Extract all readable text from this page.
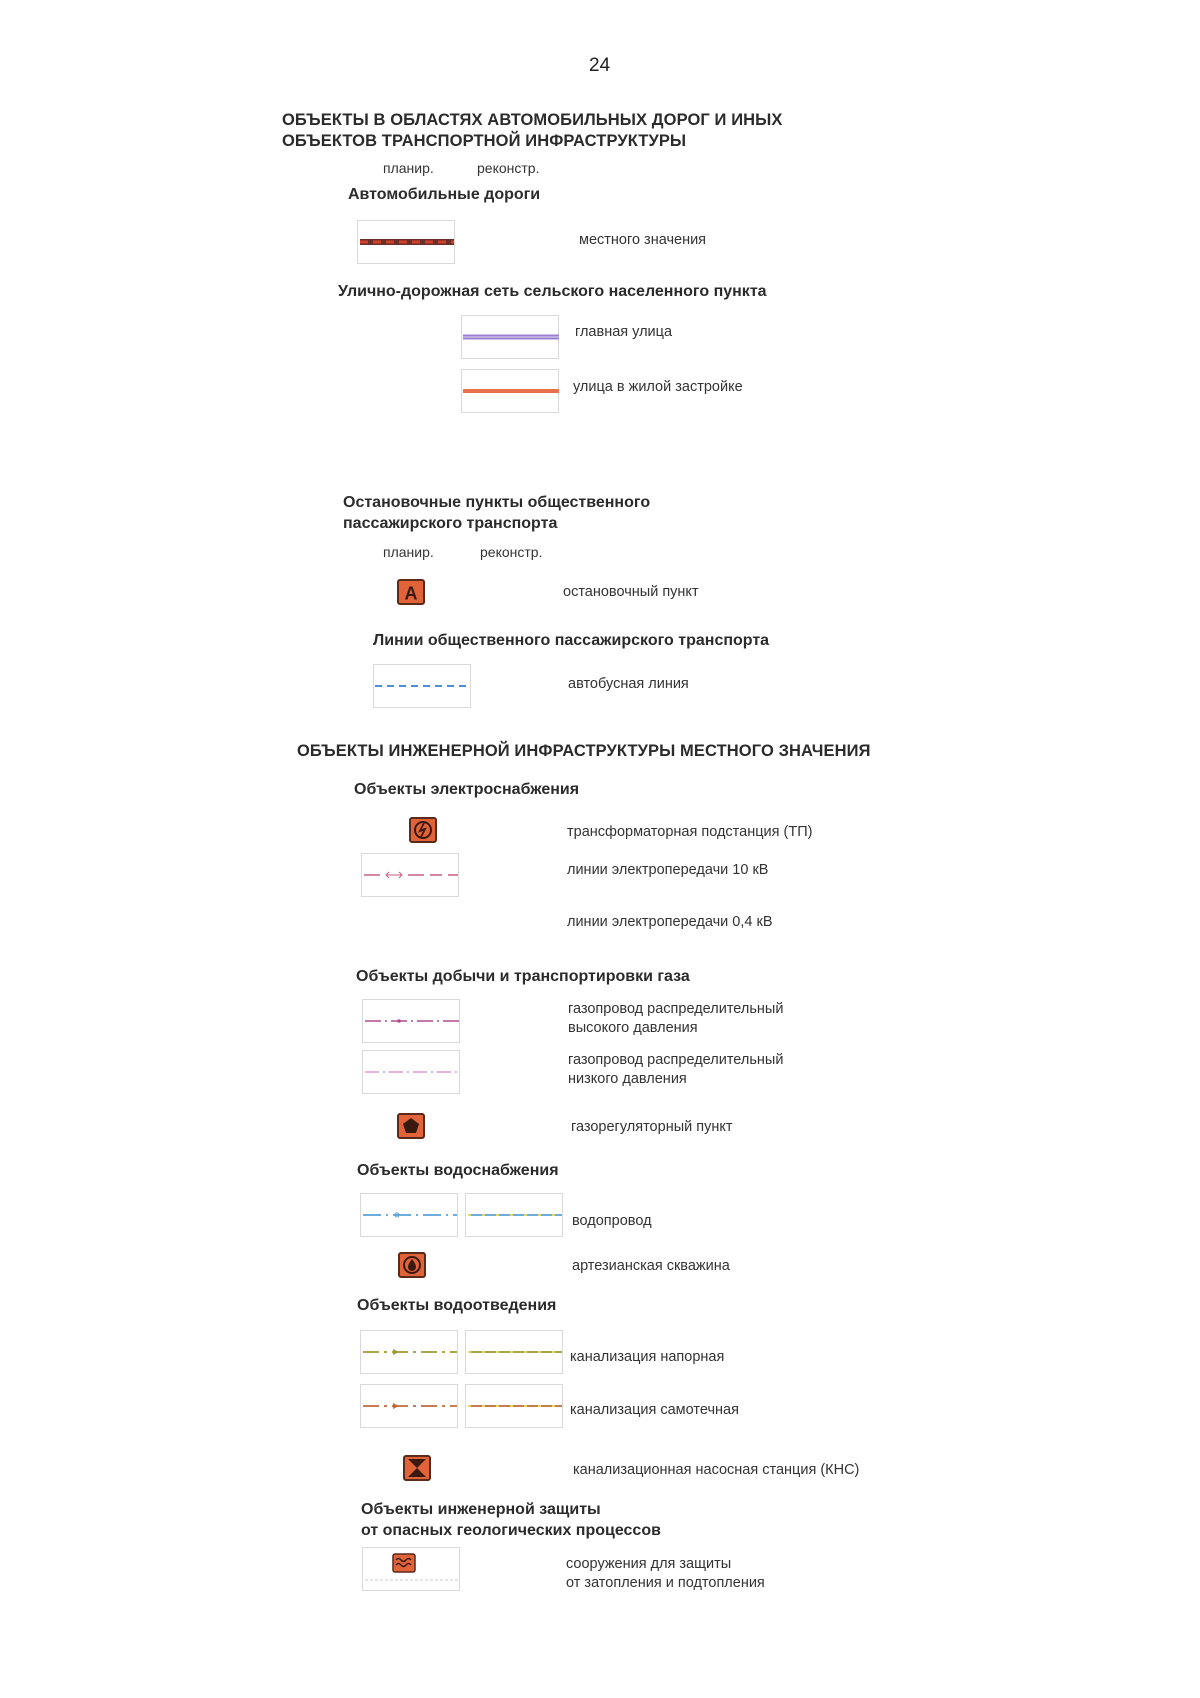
24
ОБЪЕКТЫ В ОБЛАСТЯХ АВТОМОБИЛЬНЫХ ДОРОГ И ИНЫХ
ОБЪЕКТОВ ТРАНСПОРТНОЙ ИНФРАСТРУКТУРЫ
планир.	реконстр.
Автомобильные дороги
местного значения
Улично-дорожная сеть сельского населенного пункта
главная улица
улица в жилой застройке
Остановочные пункты общественного
пассажирского транспорта
планир.	реконстр.
A	остановочный пункт
Линии общественного пассажирского транспорта
автобусная линия
ОБЪЕКТЫ ИНЖЕНЕРНОЙ ИНФРАСТРУКТУРЫ МЕСТНОГО ЗНАЧЕНИЯ
Объекты электроснабжения
трансформаторная подстанция (ТП)
линии электропередачи 10 кВ
линии электропередачи 0,4 кВ
Объекты добычи и транспортировки газа
газопровод распределительный
высокого давления
газопровод распределительный
низкого давления
газорегуляторный пункт
Объекты водоснабжения
водопровод
артезианская скважина
Объекты водоотведения
канализация напорная
канализация самотечная
канализационная насосная станция (КНС)
Объекты инженерной защиты
от опасных геологических процессов
сооружения для защиты
от затопления и подтопления
